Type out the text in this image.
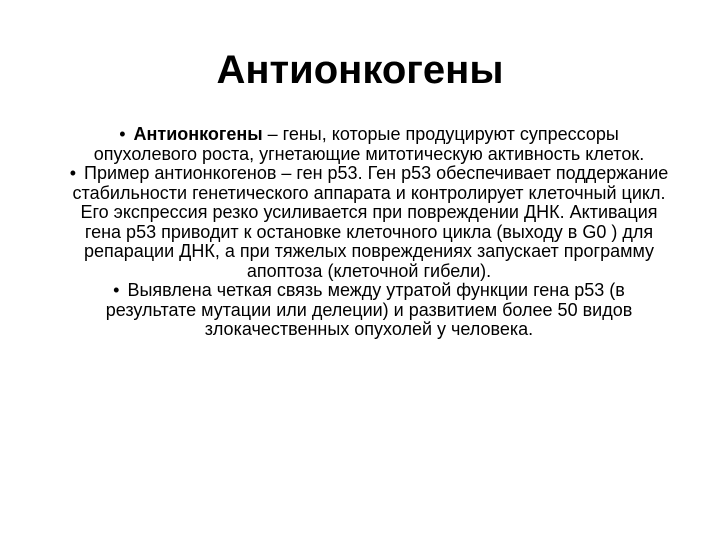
Антионкогены

• Антионкогены – гены, которые продуцируют супрессоры опухолевого роста, угнетающие митотическую активность клеток.

• Пример антионкогенов – ген р53. Ген р53 обеспечивает поддержание стабильности генетического аппарата и контролирует клеточный цикл. Его экспрессия резко усиливается при повреждении ДНК. Активация гена р53 приводит к остановке клеточного цикла (выходу в G0 ) для репарации ДНК, а при тяжелых повреждениях запускает программу апоптоза (клеточной гибели).

• Выявлена четкая связь между утратой функции гена р53 (в результате мутации или делеции) и развитием более 50 видов злокачественных опухолей у человека.
